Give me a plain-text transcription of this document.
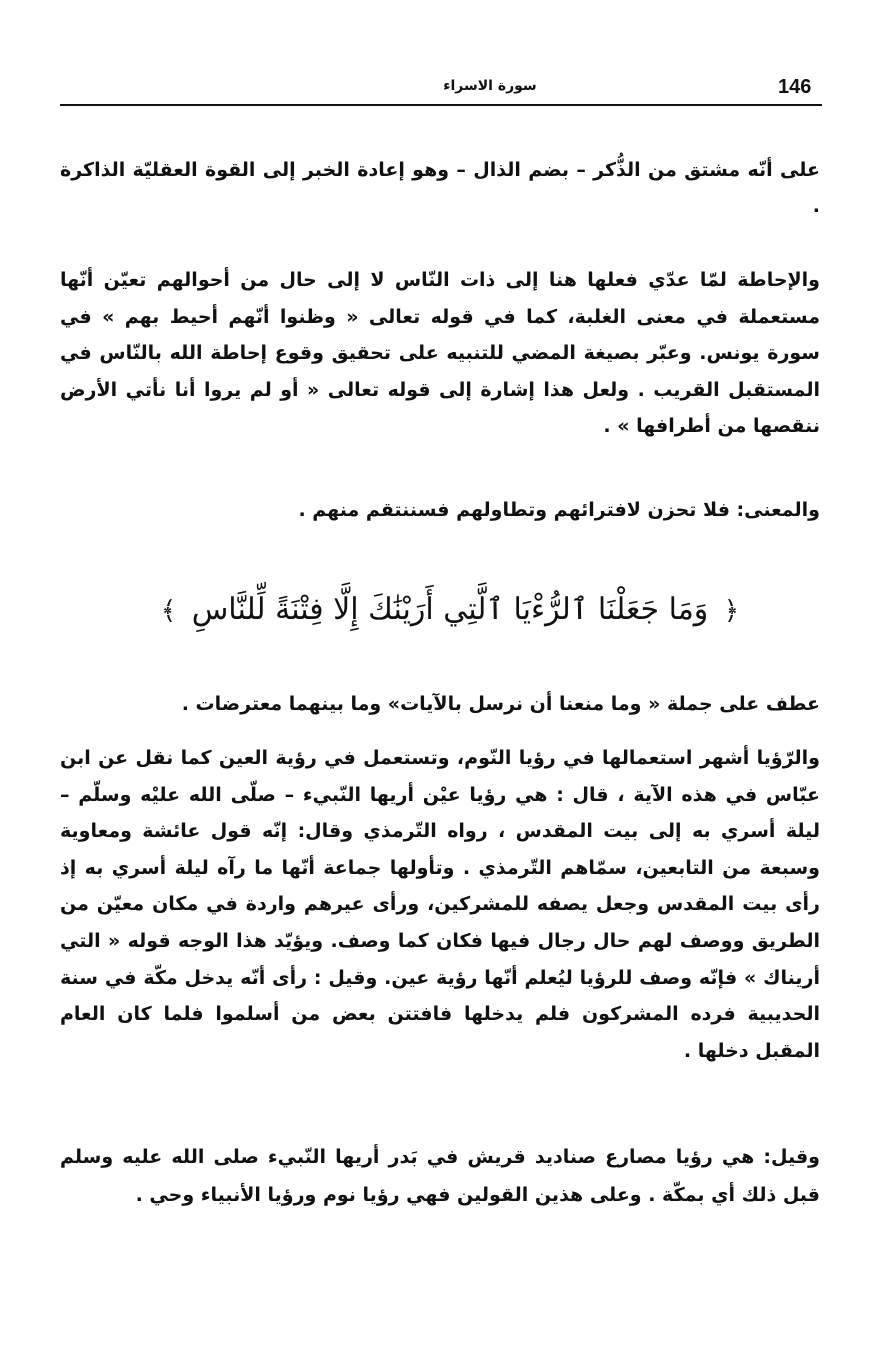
146
سورة الاسراء
على أنّه مشتق من الذُّكر – بضم الذال – وهو إعادة الخبر إلى القوة العقليّة الذاكرة .
والإحاطة لمّا عدّي فعلها هنا إلى ذات النّاس لا إلى حال من أحوالهم تعيّن أنّها مستعملة في معنى الغلبة، كما في قوله تعالى « وظنوا أنّهم أحيط بهم » في سورة يونس. وعبّر بصيغة المضي للتنبيه على تحقيق وقوع إحاطة الله بالنّاس في المستقبل القريب . ولعل هذا إشارة إلى قوله تعالى « أو لم يروا أنا نأتي الأرض ننقصها من أطرافها » .
والمعنى: فلا تحزن لافترائهم وتطاولهم فسننتقم منهم .
﴿ وَمَا جَعَلْنَا ٱلرُّءْيَا ٱلَّتِي أَرَيْنَٰكَ إِلَّا فِتْنَةً لِّلنَّاسِ ﴾
عطف على جملة « وما منعنا أن نرسل بالآيات» وما بينهما معترضات .
والرّؤيا أشهر استعمالها في رؤيا النّوم، وتستعمل في رؤية العين كما نقل عن ابن عبّاس في هذه الآية ، قال : هي رؤيا عيْن أريها النّبيء – صلّى الله عليْه وسلّم – ليلة أسري به إلى بيت المقدس ، رواه التّرمذي وقال: إنّه قول عائشة ومعاوية وسبعة من التابعين، سمّاهم التّرمذي . وتأولها جماعة أنّها ما رآه ليلة أسري به إذ رأى بيت المقدس وجعل يصفه للمشركين، ورأى عيرهم واردة في مكان معيّن من الطريق ووصف لهم حال رجال فيها فكان كما وصف. ويؤيّد هذا الوجه قوله « التي أريناك » فإنّه وصف للرؤيا ليُعلم أنّها رؤية عين. وقيل : رأى أنّه يدخل مكّة في سنة الحديبية فرده المشركون فلم يدخلها فافتتن بعض من أسلموا فلما كان العام المقبل دخلها .
وقيل: هي رؤيا مصارع صناديد قريش في بَدر أريها النّبيء صلى الله عليه وسلم قبل ذلك أي بمكّة . وعلى هذين القولين فهي رؤيا نوم ورؤيا الأنبياء وحي .
